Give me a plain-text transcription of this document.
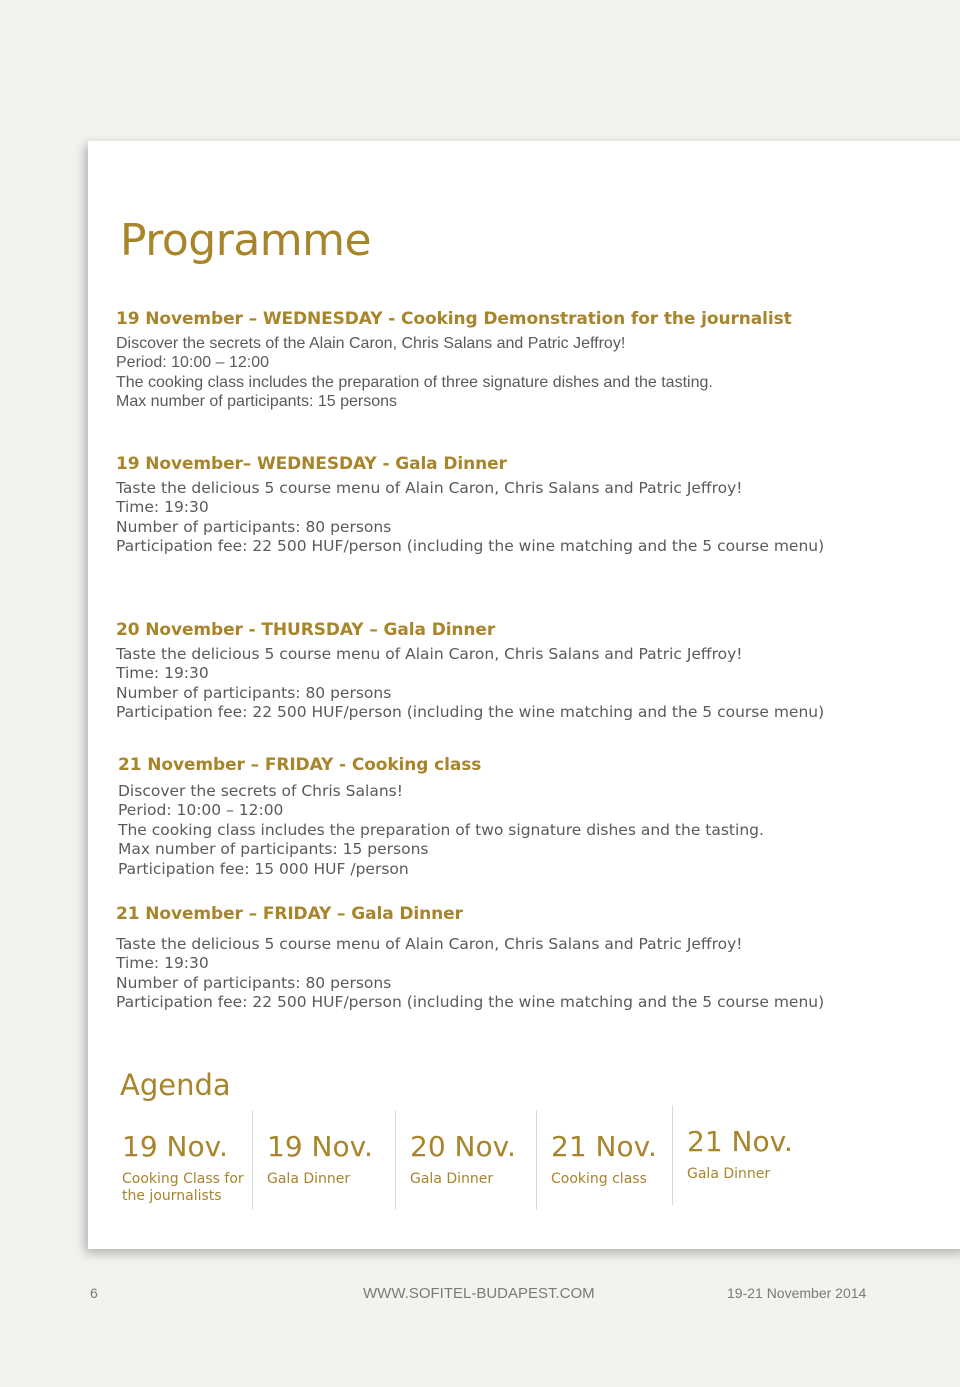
Programme
19 November – WEDNESDAY - Cooking Demonstration for the journalist
Discover the secrets of the Alain Caron, Chris Salans and Patric Jeffroy!
Period: 10:00 – 12:00
The cooking class includes the preparation of three signature dishes and the tasting.
Max number of participants: 15 persons
19 November– WEDNESDAY - Gala Dinner
Taste the delicious 5 course menu of Alain Caron, Chris Salans and Patric Jeffroy!
Time: 19:30
Number of participants: 80 persons
Participation fee: 22 500 HUF/person (including the wine matching and the 5 course menu)
20 November - THURSDAY – Gala Dinner
Taste the delicious 5 course menu of Alain Caron, Chris Salans and Patric Jeffroy!
Time: 19:30
Number of participants: 80 persons
Participation fee: 22 500 HUF/person (including the wine matching and the 5 course menu)
21 November – FRIDAY - Cooking class
Discover the secrets of Chris Salans!
Period: 10:00 – 12:00
The cooking class includes the preparation of two signature dishes and the tasting.
Max number of participants: 15 persons
Participation fee: 15 000 HUF /person
21 November – FRIDAY – Gala Dinner
Taste the delicious 5 course menu of Alain Caron, Chris Salans and Patric Jeffroy!
Time: 19:30
Number of participants: 80 persons
Participation fee: 22 500 HUF/person (including the wine matching and the 5 course menu)
Agenda
19 Nov.
Cooking Class for the journalists
19 Nov.
Gala Dinner
20 Nov.
Gala Dinner
21 Nov.
Cooking class
21 Nov.
Gala Dinner
6	WWW.SOFITEL-BUDAPEST.COM	19-21 November 2014
